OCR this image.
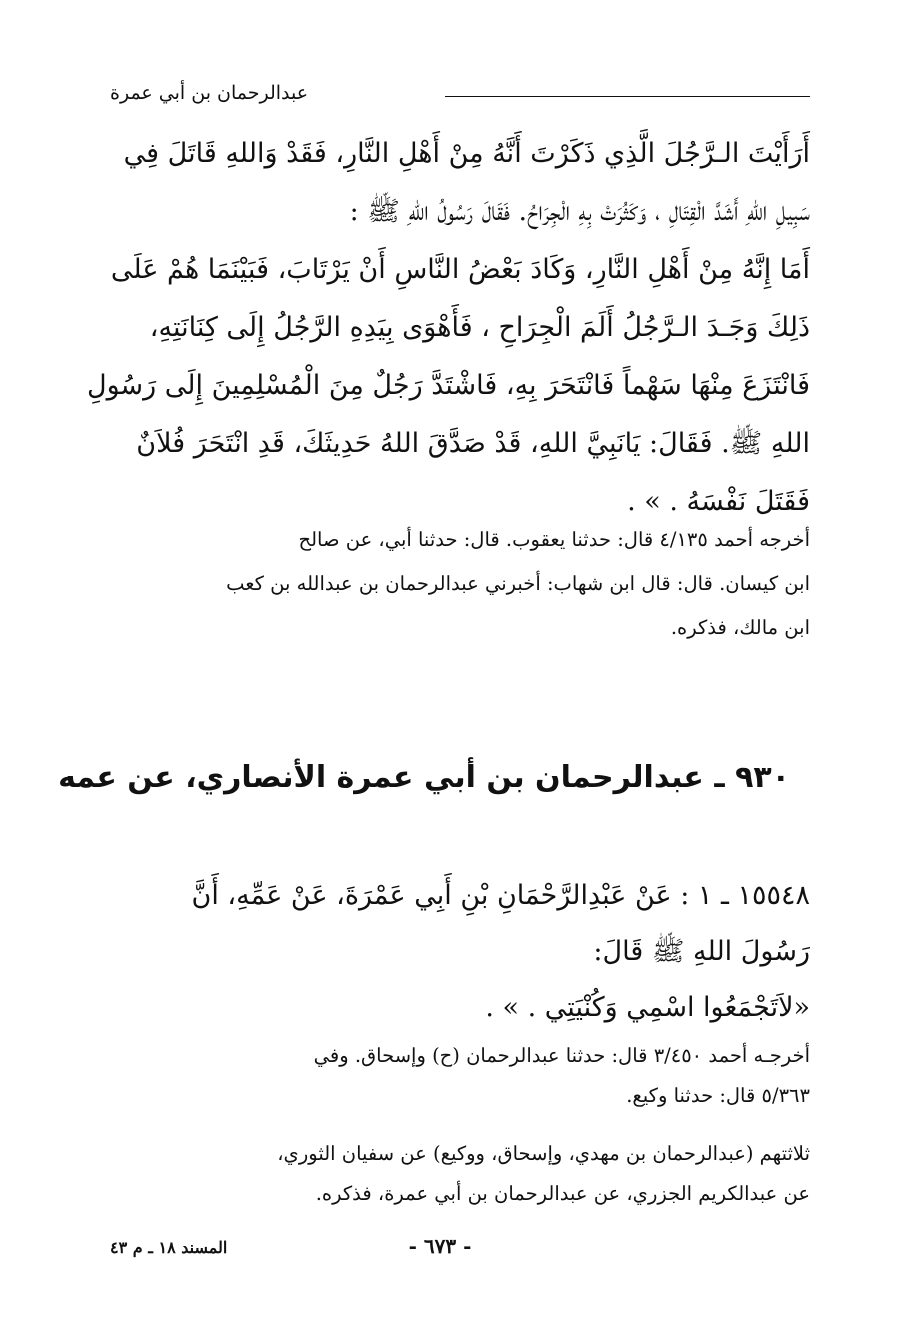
عبدالرحمان بن أبي عمرة
أَرَأَيْتَ الـرَّجُلَ الَّذِي ذَكَرْتَ أَنَّهُ مِنْ أَهْلِ النَّارِ، فَقَدْ وَاللهِ قَاتَلَ فِي
سَبِيلِ اللهِ أَشَدَّ الْقِتَالِ ، وَكَثُرَتْ بِهِ الْجِرَاحُ. فَقَالَ رَسُولُ اللهِ ﷺ :
أَمَا إِنَّهُ مِنْ أَهْلِ النَّارِ، وَكَادَ بَعْضُ النَّاسِ أَنْ يَرْتَابَ، فَبَيْنَمَا هُمْ عَلَى
ذَلِكَ وَجَـدَ الـرَّجُلُ أَلَمَ الْجِرَاحِ ، فَأَهْوَى بِيَدِهِ الرَّجُلُ إِلَى كِنَانَتِهِ،
فَانْتَزَعَ مِنْهَا سَهْماً فَانْتَحَرَ بِهِ، فَاشْتَدَّ رَجُلٌ مِنَ الْمُسْلِمِينَ إِلَى رَسُولِ
اللهِ ﷺ. فَقَالَ: يَانَبِيَّ اللهِ، قَدْ صَدَّقَ اللهُ حَدِيثَكَ، قَدِ انْتَحَرَ فُلاَنٌ
فَقَتَلَ نَفْسَهُ . » .
أخرجه أحمد ٤/١٣٥ قال: حدثنا يعقوب. قال: حدثنا أبي، عن صالح
ابن كيسان. قال: قال ابن شهاب: أخبرني عبدالرحمان بن عبدالله بن كعب
ابن مالك، فذكره.
٩٣٠ ـ عبدالرحمان بن أبي عمرة الأنصاري، عن عمه
١٥٥٤٨ ـ ١ : عَنْ عَبْدِالرَّحْمَانِ بْنِ أَبِي عَمْرَةَ، عَنْ عَمِّهِ، أَنَّ
رَسُولَ اللهِ ﷺ قَالَ:
«لاَتَجْمَعُوا اسْمِي وَكُنْيَتِي . » .
أخرجـه أحمد ٣/٤٥٠ قال: حدثنا عبدالرحمان (ح) وإسحاق. وفي
٥/٣٦٣ قال: حدثنا وكيع.
ثلاثتهم (عبدالرحمان بن مهدي، وإسحاق، ووكيع) عن سفيان الثوري،
عن عبدالكريم الجزري، عن عبدالرحمان بن أبي عمرة، فذكره.
- ٦٧٣ -
المسند ١٨ ـ م ٤٣
